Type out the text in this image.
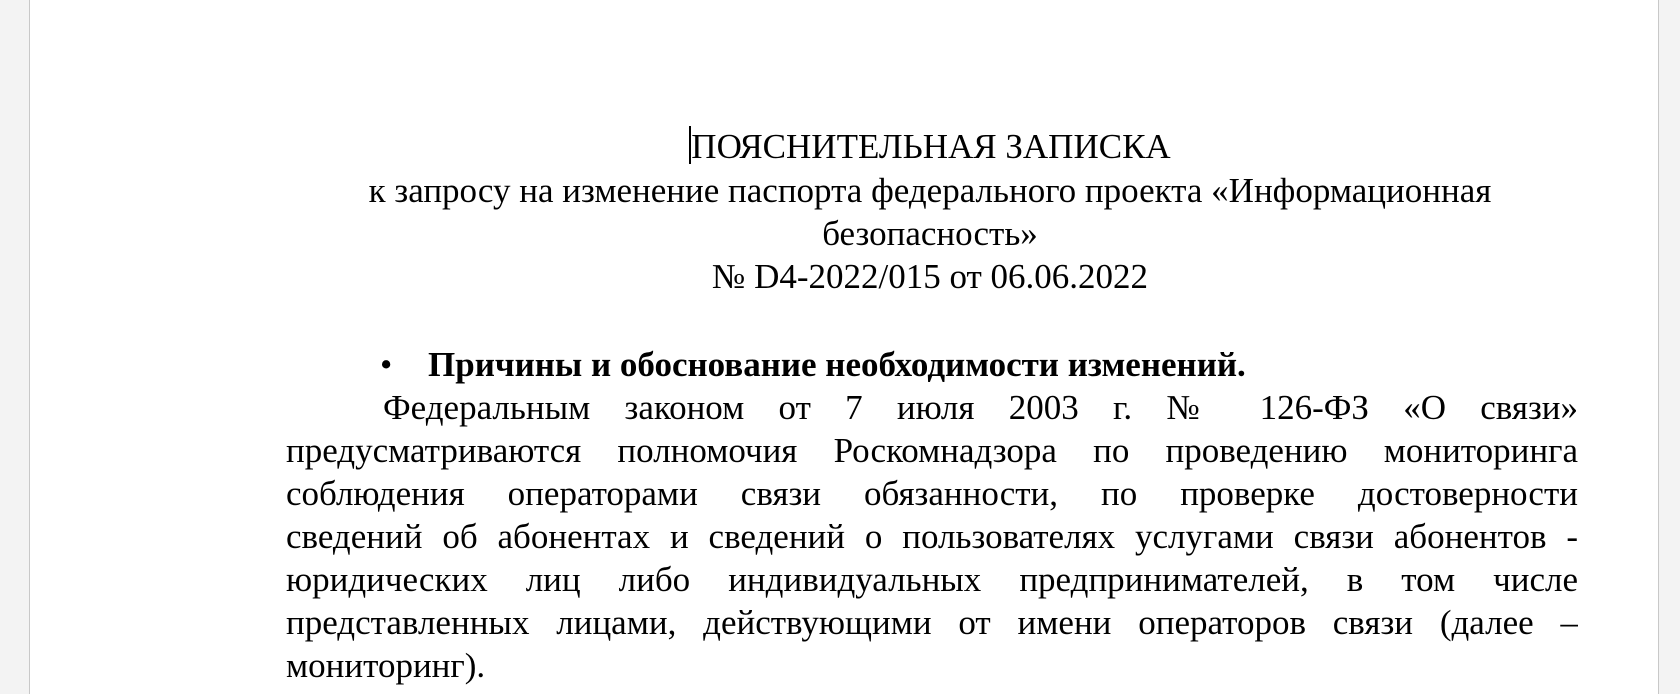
ПОЯСНИТЕЛЬНАЯ ЗАПИСКА
к запросу на изменение паспорта федерального проекта «Информационная
безопасность»
№ D4-2022/015 от 06.06.2022
• Причины и обоснование необходимости изменений.
Федеральным законом от 7 июля 2003 г. № 126-ФЗ «О связи»
предусматриваются полномочия Роскомнадзора по проведению мониторинга
соблюдения операторами связи обязанности, по проверке достоверности
сведений об абонентах и сведений о пользователях услугами связи абонентов -
юридических лиц либо индивидуальных предпринимателей, в том числе
представленных лицами, действующими от имени операторов связи (далее –
мониторинг).
